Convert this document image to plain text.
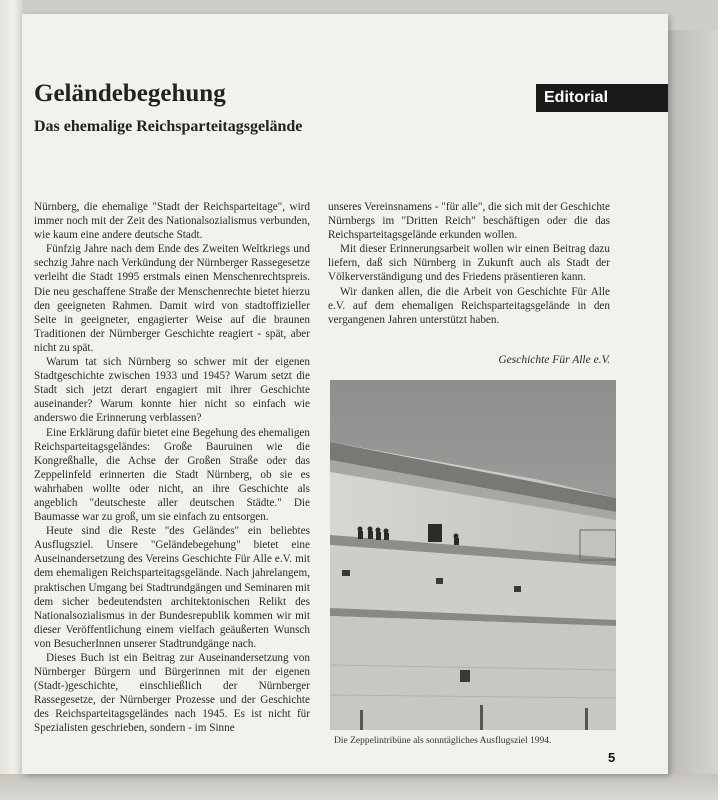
Geländebegehung
Das ehemalige Reichsparteitagsgelände
Editorial

Nürnberg, die ehemalige "Stadt der Reichsparteitage", wird immer noch mit der Zeit des Nationalsozialismus verbunden, wie kaum eine andere deutsche Stadt.

Fünfzig Jahre nach dem Ende des Zweiten Weltkriegs und sechzig Jahre nach Verkündung der Nürnberger Rassegesetze verleiht die Stadt 1995 erstmals einen Menschenrechtspreis. Die neu geschaffene Straße der Menschenrechte bietet hierzu den geeigneten Rahmen. Damit wird von stadtoffizieller Seite in geeigneter, engagierter Weise auf die braunen Traditionen der Nürnberger Geschichte reagiert - spät, aber nicht zu spät.

Warum tat sich Nürnberg so schwer mit der eigenen Stadtgeschichte zwischen 1933 und 1945? Warum setzt die Stadt sich jetzt derart engagiert mit ihrer Geschichte auseinander? Warum konnte hier nicht so einfach wie anderswo die Erinnerung verblassen?

Eine Erklärung dafür bietet eine Begehung des ehemaligen Reichsparteitagsgeländes: Große Bauruinen wie die Kongreßhalle, die Achse der Großen Straße oder das Zeppelinfeld erinnerten die Stadt Nürnberg, ob sie es wahrhaben wollte oder nicht, an ihre Geschichte als angeblich "deutscheste aller deutschen Städte." Die Baumasse war zu groß, um sie einfach zu entsorgen.

Heute sind die Reste "des Geländes" ein beliebtes Ausflugsziel. Unsere "Geländebegehung" bietet eine Auseinandersetzung des Vereins Geschichte Für Alle e.V. mit dem ehemaligen Reichsparteitagsgelände. Nach jahrelangem, praktischen Umgang bei Stadtrundgängen und Seminaren mit dem sicher bedeutendsten architektonischen Relikt des Nationalsozialismus in der Bundesrepublik kommen wir mit dieser Veröffentlichung einem vielfach geäußerten Wunsch von BesucherInnen unserer Stadtrundgänge nach.

Dieses Buch ist ein Beitrag zur Auseinandersetzung von Nürnberger Bürgern und Bürgerinnen mit der eigenen (Stadt-)geschichte, einschließlich der Nürnberger Rassegesetze, der Nürnberger Prozesse und der Geschichte des Reichsparteitagsgeländes nach 1945. Es ist nicht für Spezialisten geschrieben, sondern - im Sinne

unseres Vereinsnamens - "für alle", die sich mit der Geschichte Nürnbergs im "Dritten Reich" beschäftigen oder die das Reichsparteitagsgelände erkunden wollen.

Mit dieser Erinnerungsarbeit wollen wir einen Beitrag dazu liefern, daß sich Nürnberg in Zukunft auch als Stadt der Völkerverständigung und des Friedens präsentieren kann.

Wir danken allen, die die Arbeit von Geschichte Für Alle e.V. auf dem ehemaligen Reichsparteitagsgelände in den vergangenen Jahren unterstützt haben.

Geschichte Für Alle e.V.
Die Zeppelintribüne als sonntägliches Ausflugsziel 1994.
5
